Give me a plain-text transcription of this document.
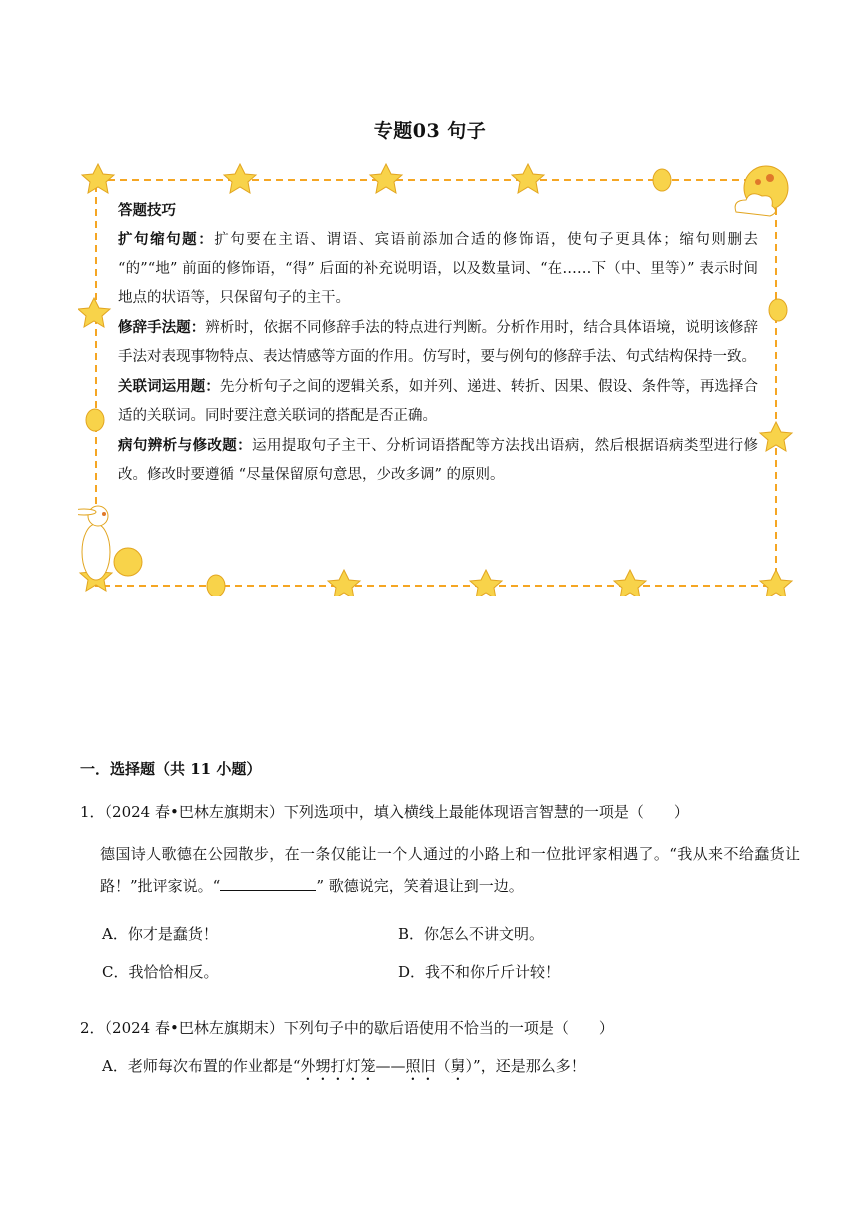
专题03 句子

答题技巧

扩句缩句题：扩句要在主语、谓语、宾语前添加合适的修饰语，使句子更具体；缩句则删去 “的”“地” 前面的修饰语，“得” 后面的补充说明语，以及数量词、“在……下（中、里等）” 表示时间地点的状语等，只保留句子的主干。

修辞手法题：辨析时，依据不同修辞手法的特点进行判断。分析作用时，结合具体语境，说明该修辞手法对表现事物特点、表达情感等方面的作用。仿写时，要与例句的修辞手法、句式结构保持一致。

关联词运用题：先分析句子之间的逻辑关系，如并列、递进、转折、因果、假设、条件等，再选择合适的关联词。同时要注意关联词的搭配是否正确。

病句辨析与修改题：运用提取句子主干、分析词语搭配等方法找出语病，然后根据语病类型进行修改。修改时要遵循 “尽量保留原句意思，少改多调” 的原则。

一．选择题（共 11 小题）
1．（2024 春•巴林左旗期末）下列选项中，填入横线上最能体现语言智慧的一项是（　　）
德国诗人歌德在公园散步，在一条仅能让一个人通过的小路上和一位批评家相遇了。“我从来不给蠢货让路！”批评家说。“	” 歌德说完，笑着退让到一边。
A．你才是蠢货！	B．你怎么不讲文明。
C．我恰恰相反。	D．我不和你斤斤计较！
2．（2024 春•巴林左旗期末）下列句子中的歇后语使用不恰当的一项是（　　）
A．老师每次布置的作业都是“外甥打灯笼——照旧（舅）”，还是那么多！
